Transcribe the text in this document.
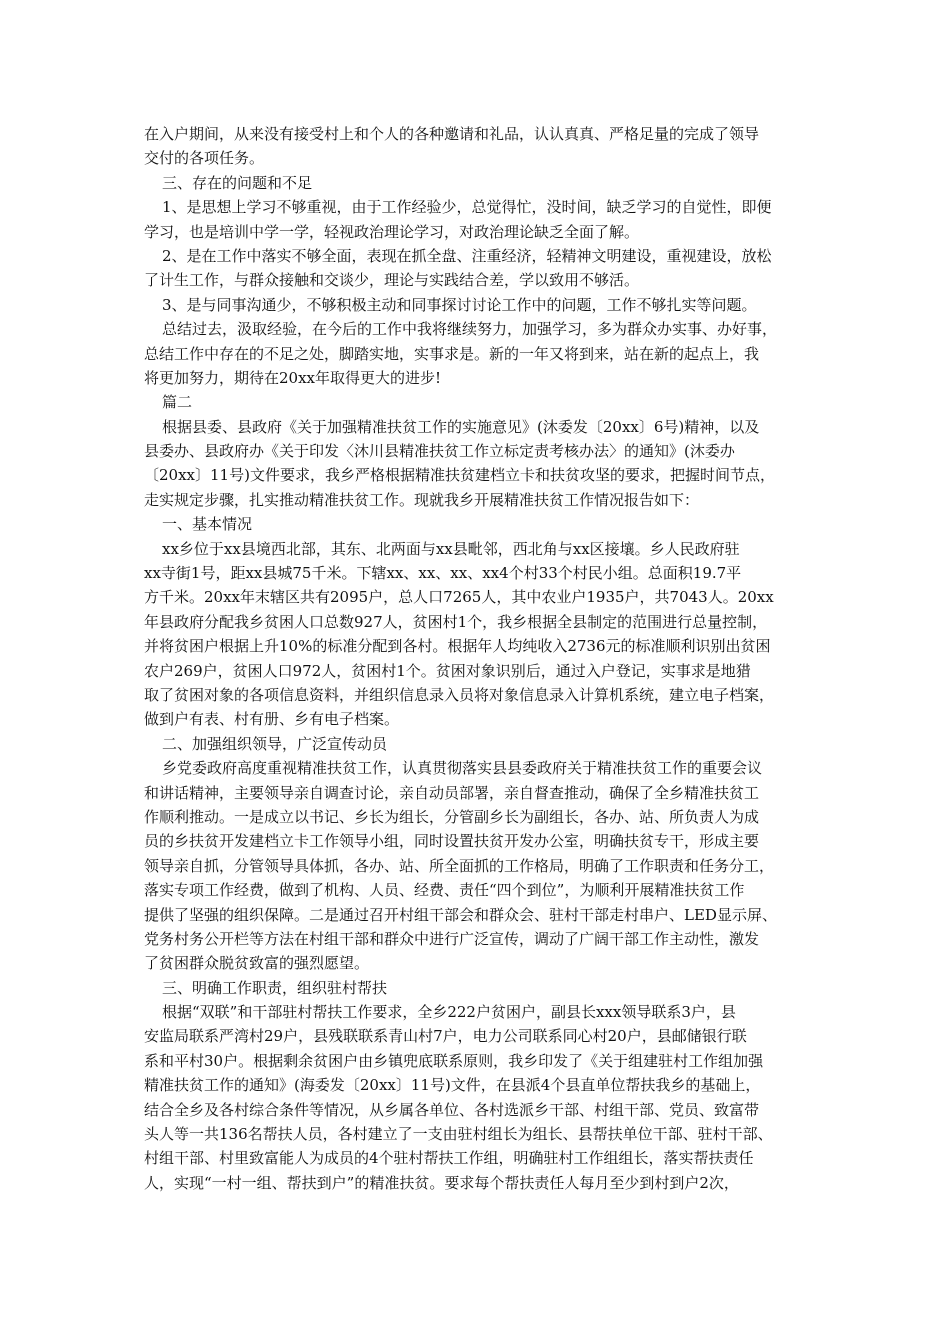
在入户期间，从来没有接受村上和个人的各种邀请和礼品，认认真真、严格足量的完成了领导
交付的各项任务。
三、存在的问题和不足
1、是思想上学习不够重视，由于工作经验少，总觉得忙，没时间，缺乏学习的自觉性，即便
学习，也是培训中学一学，轻视政治理论学习，对政治理论缺乏全面了解。
2、是在工作中落实不够全面，表现在抓全盘、注重经济，轻精神文明建设，重视建设，放松
了计生工作，与群众接触和交谈少，理论与实践结合差，学以致用不够活。
3、是与同事沟通少，不够积极主动和同事探讨讨论工作中的问题，工作不够扎实等问题。
总结过去，汲取经验，在今后的工作中我将继续努力，加强学习，多为群众办实事、办好事，
总结工作中存在的不足之处，脚踏实地，实事求是。新的一年又将到来，站在新的起点上，我
将更加努力，期待在20xx年取得更大的进步!
篇二
根据县委、县政府《关于加强精准扶贫工作的实施意见》(沐委发〔20xx〕6号)精神，以及
县委办、县政府办《关于印发〈沐川县精准扶贫工作立标定责考核办法〉的通知》(沐委办
〔20xx〕11号)文件要求，我乡严格根据精准扶贫建档立卡和扶贫攻坚的要求，把握时间节点，
走实规定步骤，扎实推动精准扶贫工作。现就我乡开展精准扶贫工作情况报告如下：
一、基本情况
xx乡位于xx县境西北部，其东、北两面与xx县毗邻，西北角与xx区接壤。乡人民政府驻
xx寺街1号，距xx县城75千米。下辖xx、xx、xx、xx4个村33个村民小组。总面积19.7平
方千米。20xx年末辖区共有2095户，总人口7265人，其中农业户1935户，共7043人。20xx
年县政府分配我乡贫困人口总数927人，贫困村1个，我乡根据全县制定的范围进行总量控制，
并将贫困户根据上升10%的标准分配到各村。根据年人均纯收入2736元的标准顺利识别出贫困
农户269户，贫困人口972人，贫困村1个。贫困对象识别后，通过入户登记，实事求是地猎
取了贫困对象的各项信息资料，并组织信息录入员将对象信息录入计算机系统，建立电子档案，
做到户有表、村有册、乡有电子档案。
二、加强组织领导，广泛宣传动员
乡党委政府高度重视精准扶贫工作，认真贯彻落实县县委政府关于精准扶贫工作的重要会议
和讲话精神，主要领导亲自调查讨论，亲自动员部署，亲自督查推动，确保了全乡精准扶贫工
作顺利推动。一是成立以书记、乡长为组长，分管副乡长为副组长，各办、站、所负责人为成
员的乡扶贫开发建档立卡工作领导小组，同时设置扶贫开发办公室，明确扶贫专干，形成主要
领导亲自抓，分管领导具体抓，各办、站、所全面抓的工作格局，明确了工作职责和任务分工，
落实专项工作经费，做到了机构、人员、经费、责任“四个到位”，为顺利开展精准扶贫工作
提供了坚强的组织保障。二是通过召开村组干部会和群众会、驻村干部走村串户、LED显示屏、
党务村务公开栏等方法在村组干部和群众中进行广泛宣传，调动了广阔干部工作主动性，激发
了贫困群众脱贫致富的强烈愿望。
三、明确工作职责，组织驻村帮扶
根据“双联”和干部驻村帮扶工作要求，全乡222户贫困户，副县长xxx领导联系3户，县
安监局联系严湾村29户，县残联联系青山村7户，电力公司联系同心村20户，县邮储银行联
系和平村30户。根据剩余贫困户由乡镇兜底联系原则，我乡印发了《关于组建驻村工作组加强
精准扶贫工作的通知》(海委发〔20xx〕11号)文件，在县派4个县直单位帮扶我乡的基础上，
结合全乡及各村综合条件等情况，从乡属各单位、各村选派乡干部、村组干部、党员、致富带
头人等一共136名帮扶人员，各村建立了一支由驻村组长为组长、县帮扶单位干部、驻村干部、
村组干部、村里致富能人为成员的4个驻村帮扶工作组，明确驻村工作组组长，落实帮扶责任
人，实现“一村一组、帮扶到户”的精准扶贫。要求每个帮扶责任人每月至少到村到户2次，
